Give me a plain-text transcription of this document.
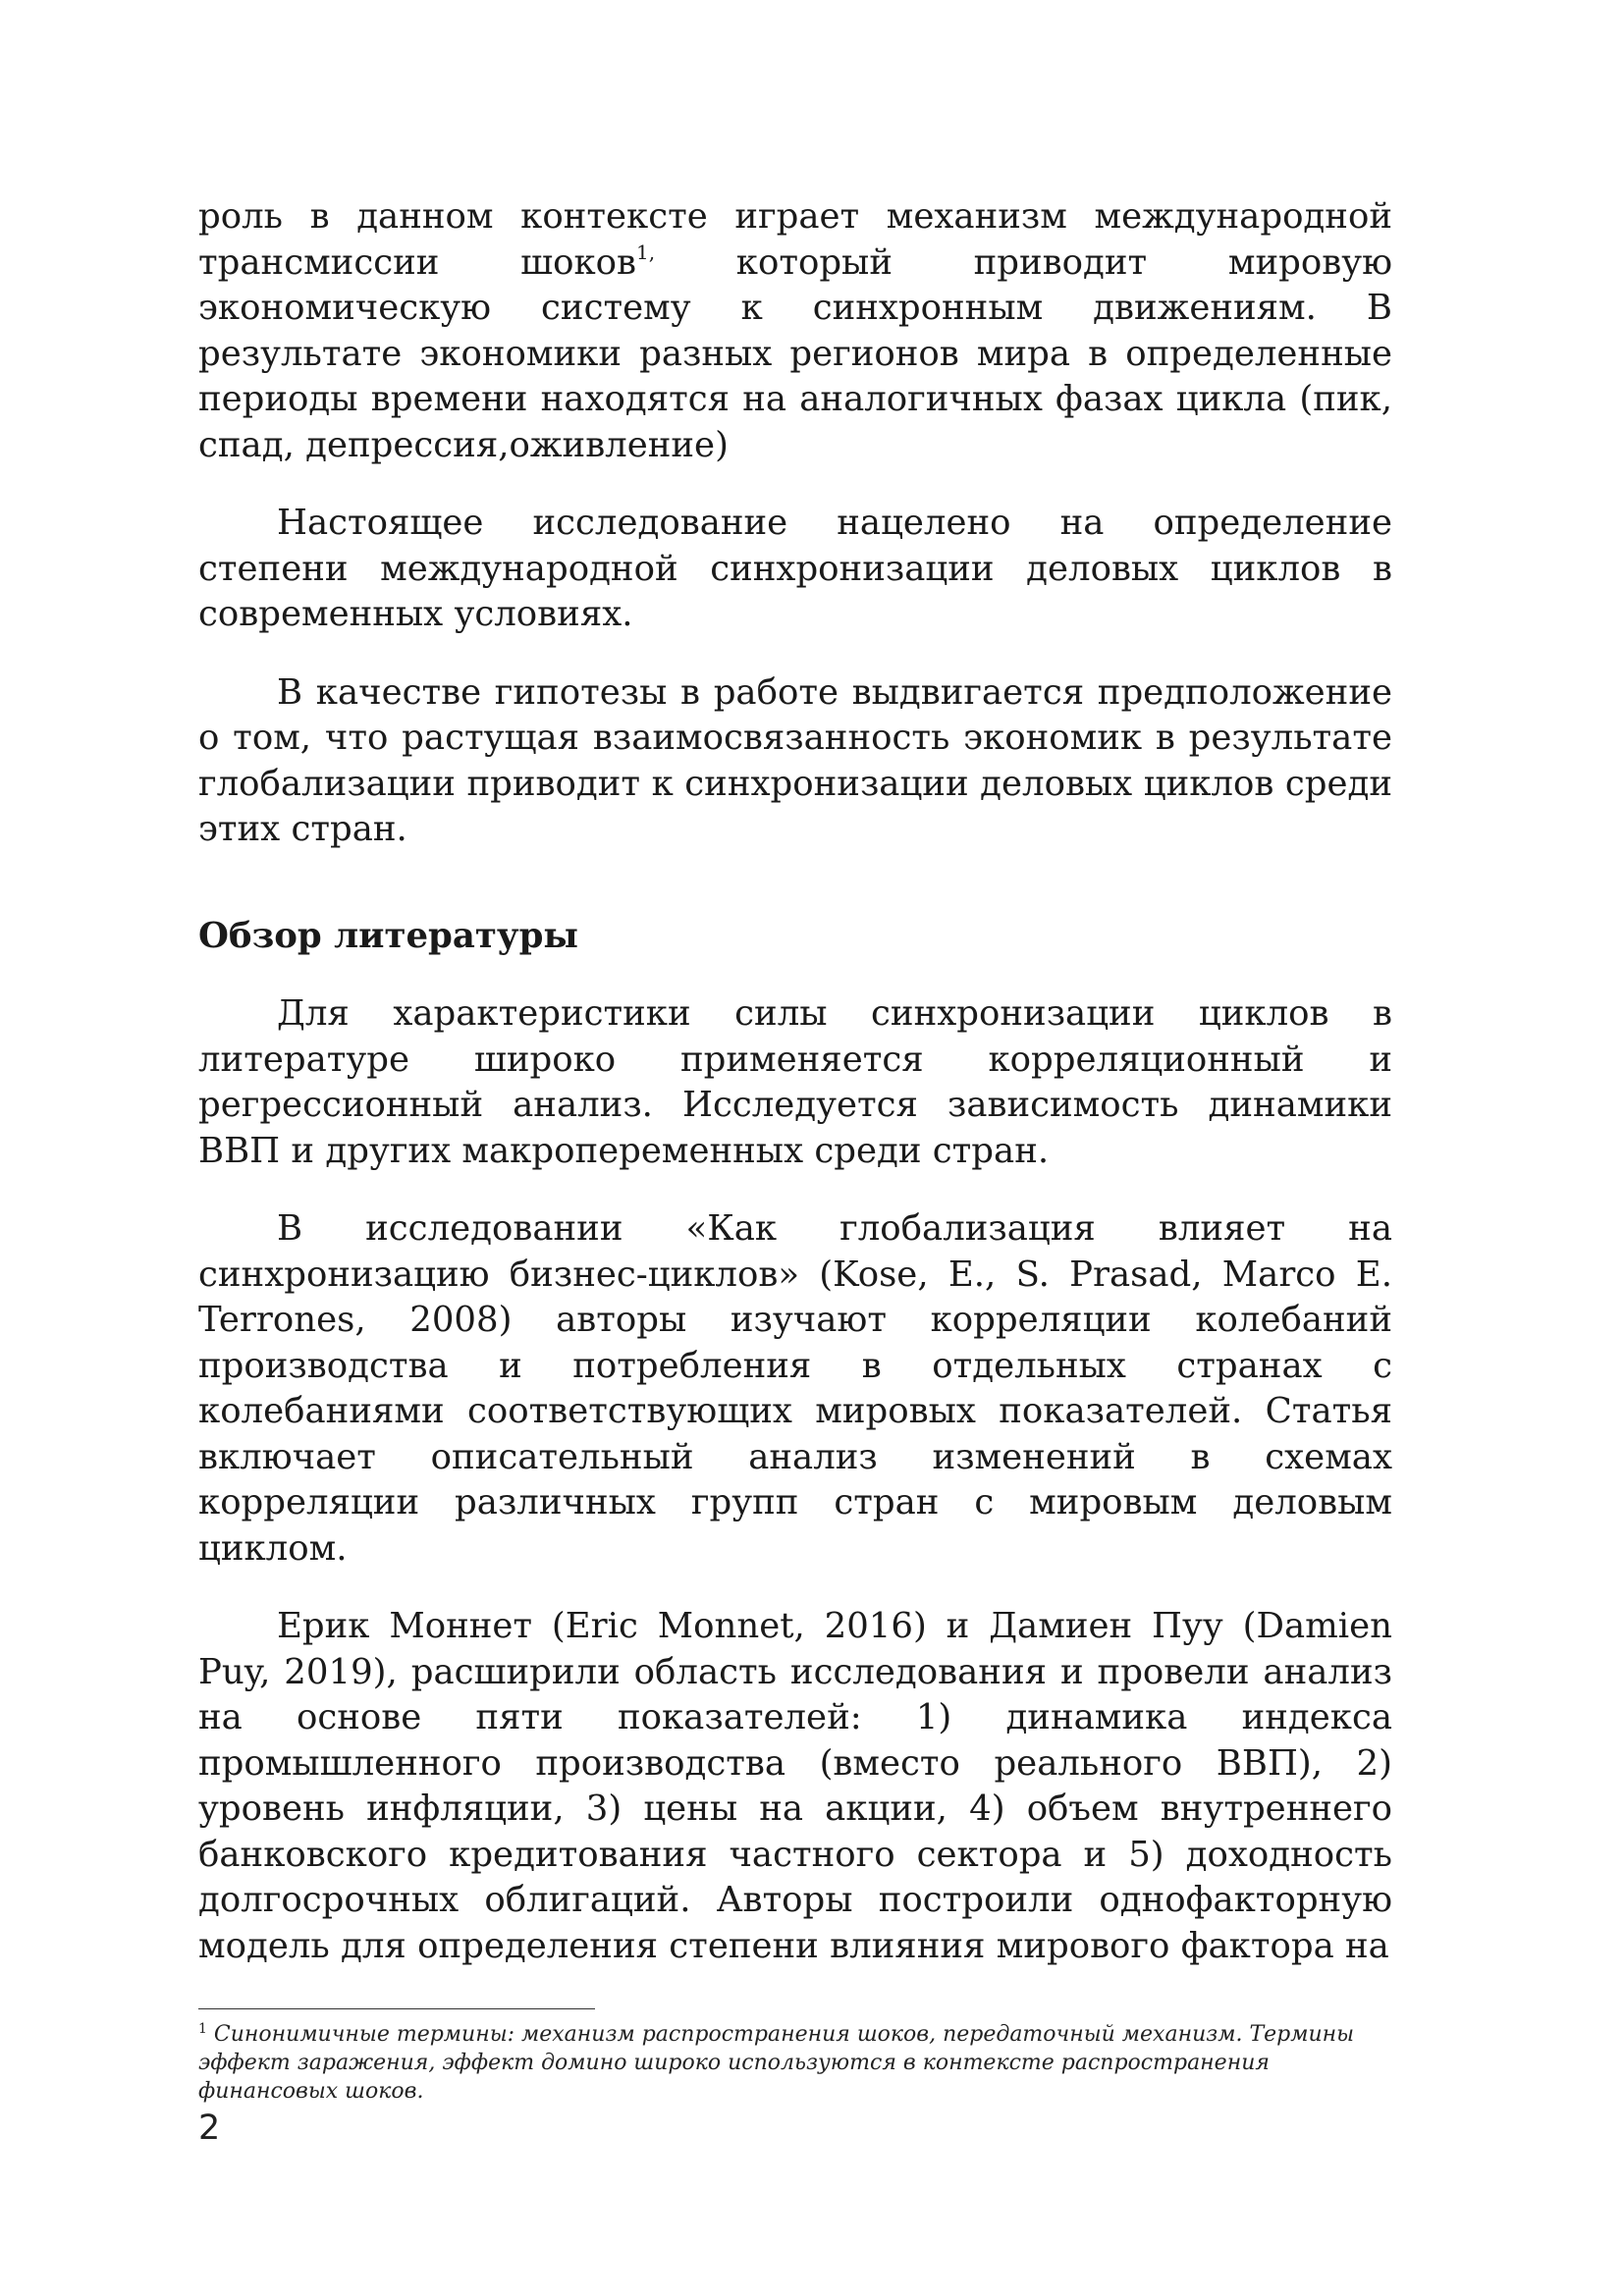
роль в данном контексте играет механизм международной трансмиссии шоков$^{1,}$ который приводит мировую экономическую систему к синхронным движениям. В результате экономики разных регионов мира в определенные периоды времени находятся на аналогичных фазах цикла (пик, спад, депрессия,оживление)

Настоящее исследование нацелено на определение степени международной синхронизации деловых циклов в современных условиях.

В качестве гипотезы в работе выдвигается предположение о том, что растущая взаимосвязанность экономик в результате глобализации приводит к синхронизации деловых циклов среди этих стран.

Обзор литературы

Для характеристики силы синхронизации циклов в литературе широко применяется корреляционный и регрессионный анализ. Исследуется зависимость динамики ВВП и других макропеременных среди стран.

В исследовании «Как глобализация влияет на синхронизацию бизнес-циклов» (Kose, E., S. Prasad, Marco E. Terrones, 2008) авторы изучают корреляции колебаний производства и потребления в отдельных странах с колебаниями соответствующих мировых показателей. Статья включает описательный анализ изменений в схемах корреляции различных групп стран с мировым деловым циклом.

Ерик Моннет (Eric Monnet, 2016) и Дамиен Пуу (Damien Puy, 2019), расширили область исследования и провели анализ на основе пяти показателей: 1) динамика индекса промышленного производства (вместо реального ВВП), 2) уровень инфляции, 3) цены на акции, 4) объем внутреннего банковского кредитования частного сектора и 5) доходность долгосрочных облигаций. Авторы построили однофакторную модель для определения степени влияния мирового фактора на

$^1$ Синонимичные термины: механизм распространения шоков, передаточный механизм. Термины эффект заражения, эффект домино широко используются в контексте распространения финансовых шоков.
2
